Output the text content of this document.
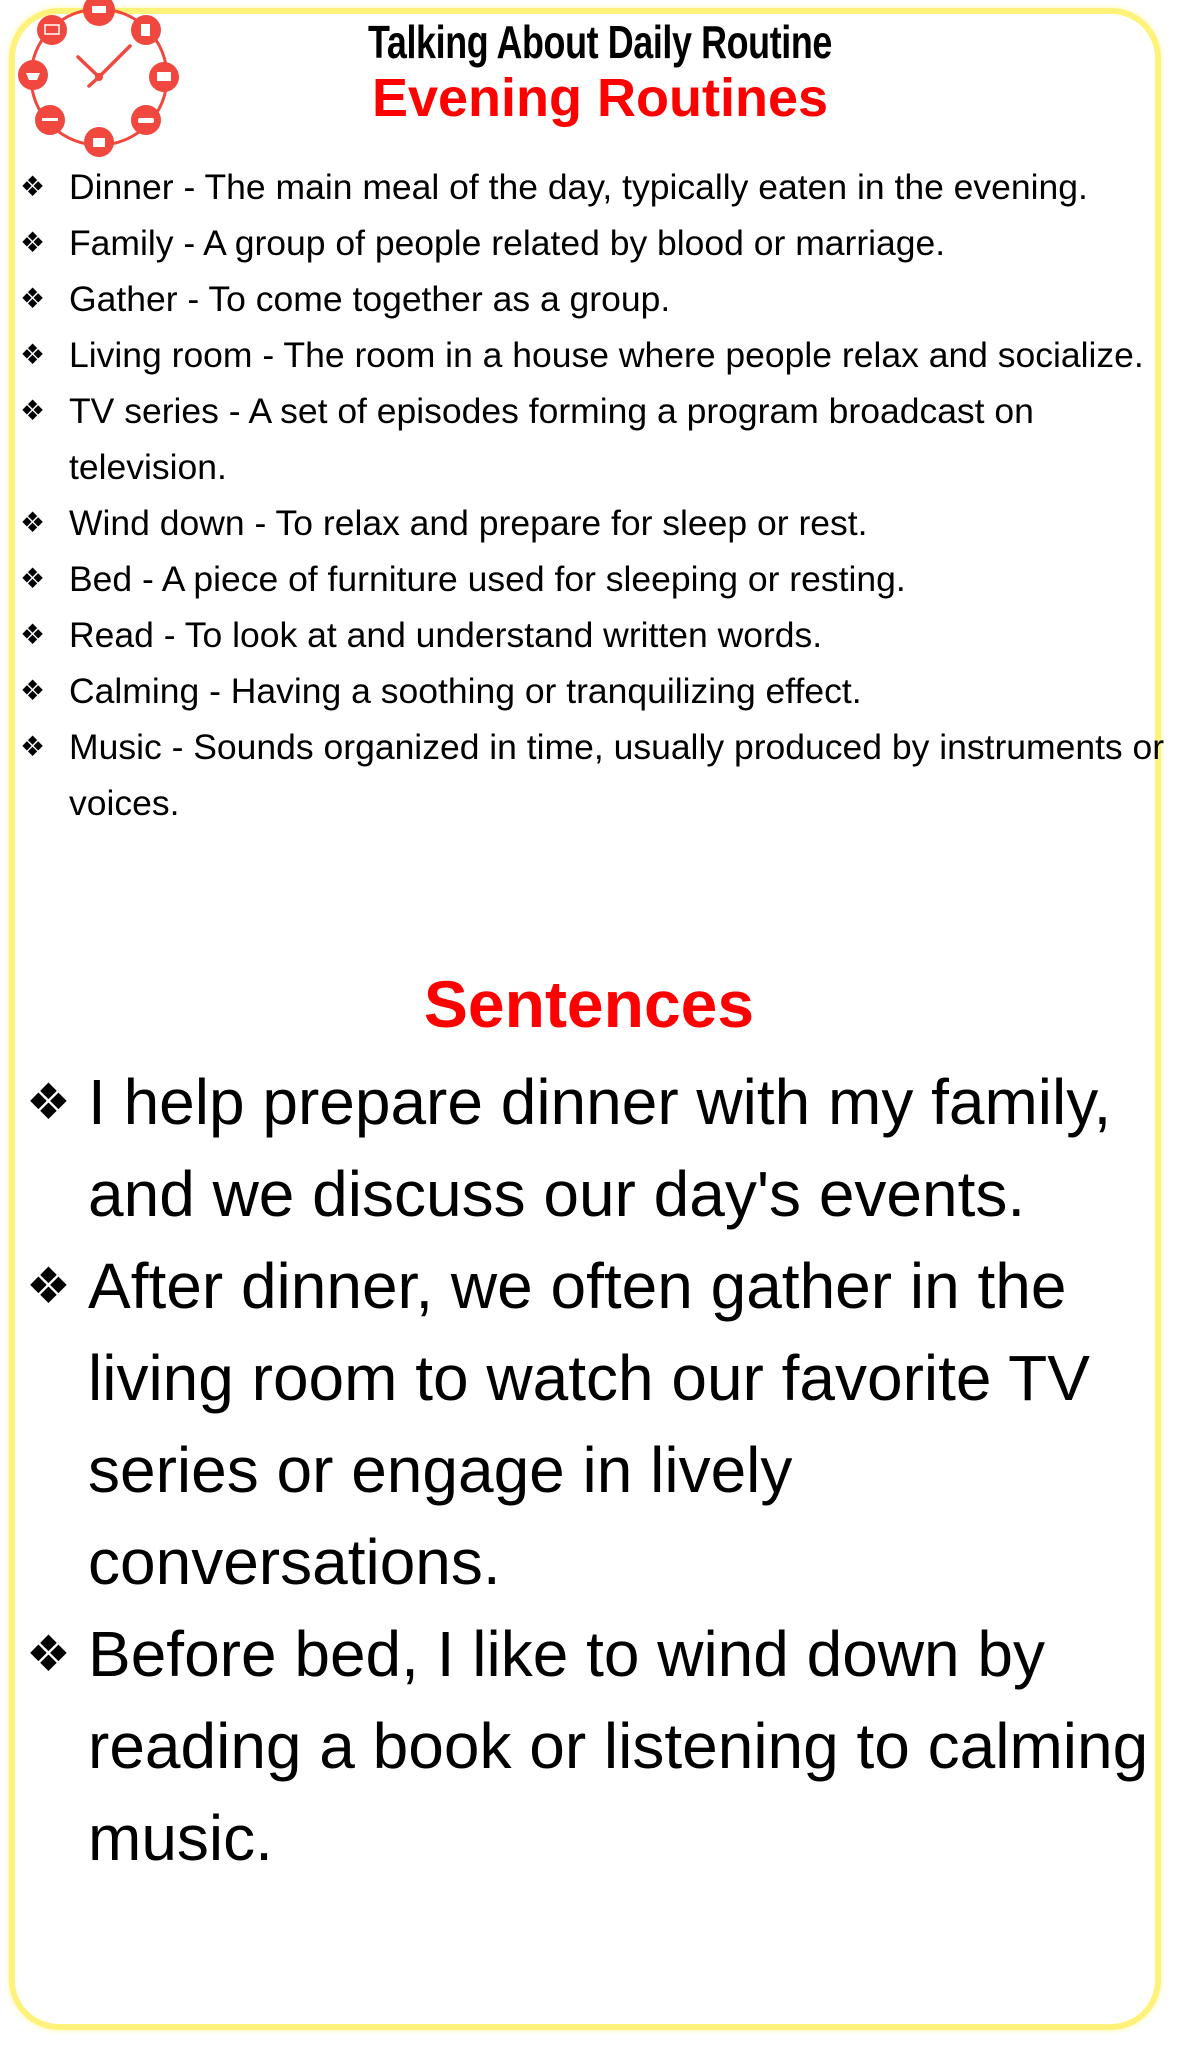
Talking About Daily Routine
Evening Routines
❖ Dinner - The main meal of the day, typically eaten in the evening.
❖ Family - A group of people related by blood or marriage.
❖ Gather - To come together as a group.
❖ Living room - The room in a house where people relax and socialize.
❖ TV series - A set of episodes forming a program broadcast on television.
❖ Wind down - To relax and prepare for sleep or rest.
❖ Bed - A piece of furniture used for sleeping or resting.
❖ Read - To look at and understand written words.
❖ Calming - Having a soothing or tranquilizing effect.
❖ Music - Sounds organized in time, usually produced by instruments or voices.
Sentences
❖ I help prepare dinner with my family, and we discuss our day's events.
❖ After dinner, we often gather in the living room to watch our favorite TV series or engage in lively conversations.
❖ Before bed, I like to wind down by reading a book or listening to calming music.
